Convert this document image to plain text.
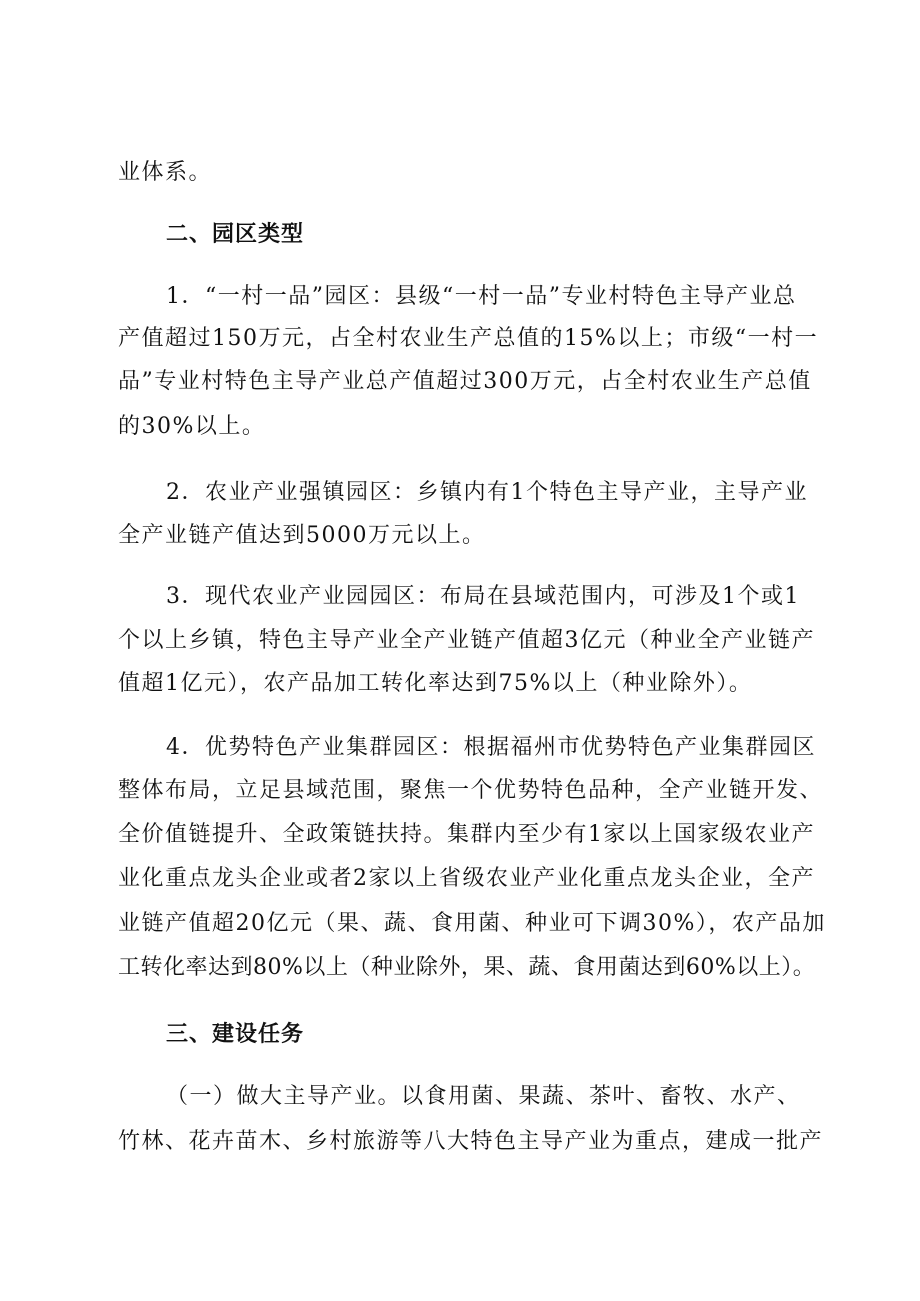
业体系。
二、园区类型
1．“一村一品”园区：县级“一村一品”专业村特色主导产业总
产值超过150万元，占全村农业生产总值的15%以上；市级“一村一
品”专业村特色主导产业总产值超过300万元，占全村农业生产总值
的30%以上。
2．农业产业强镇园区：乡镇内有1个特色主导产业，主导产业
全产业链产值达到5000万元以上。
3．现代农业产业园园区：布局在县域范围内，可涉及1个或1
个以上乡镇，特色主导产业全产业链产值超3亿元（种业全产业链产
值超1亿元），农产品加工转化率达到75%以上（种业除外）。
4．优势特色产业集群园区：根据福州市优势特色产业集群园区
整体布局，立足县域范围，聚焦一个优势特色品种，全产业链开发、
全价值链提升、全政策链扶持。集群内至少有1家以上国家级农业产
业化重点龙头企业或者2家以上省级农业产业化重点龙头企业，全产
业链产值超20亿元（果、蔬、食用菌、种业可下调30%），农产品加
工转化率达到80%以上（种业除外，果、蔬、食用菌达到60%以上）。
三、建设任务
（一）做大主导产业。以食用菌、果蔬、茶叶、畜牧、水产、
竹林、花卉苗木、乡村旅游等八大特色主导产业为重点，建成一批产
